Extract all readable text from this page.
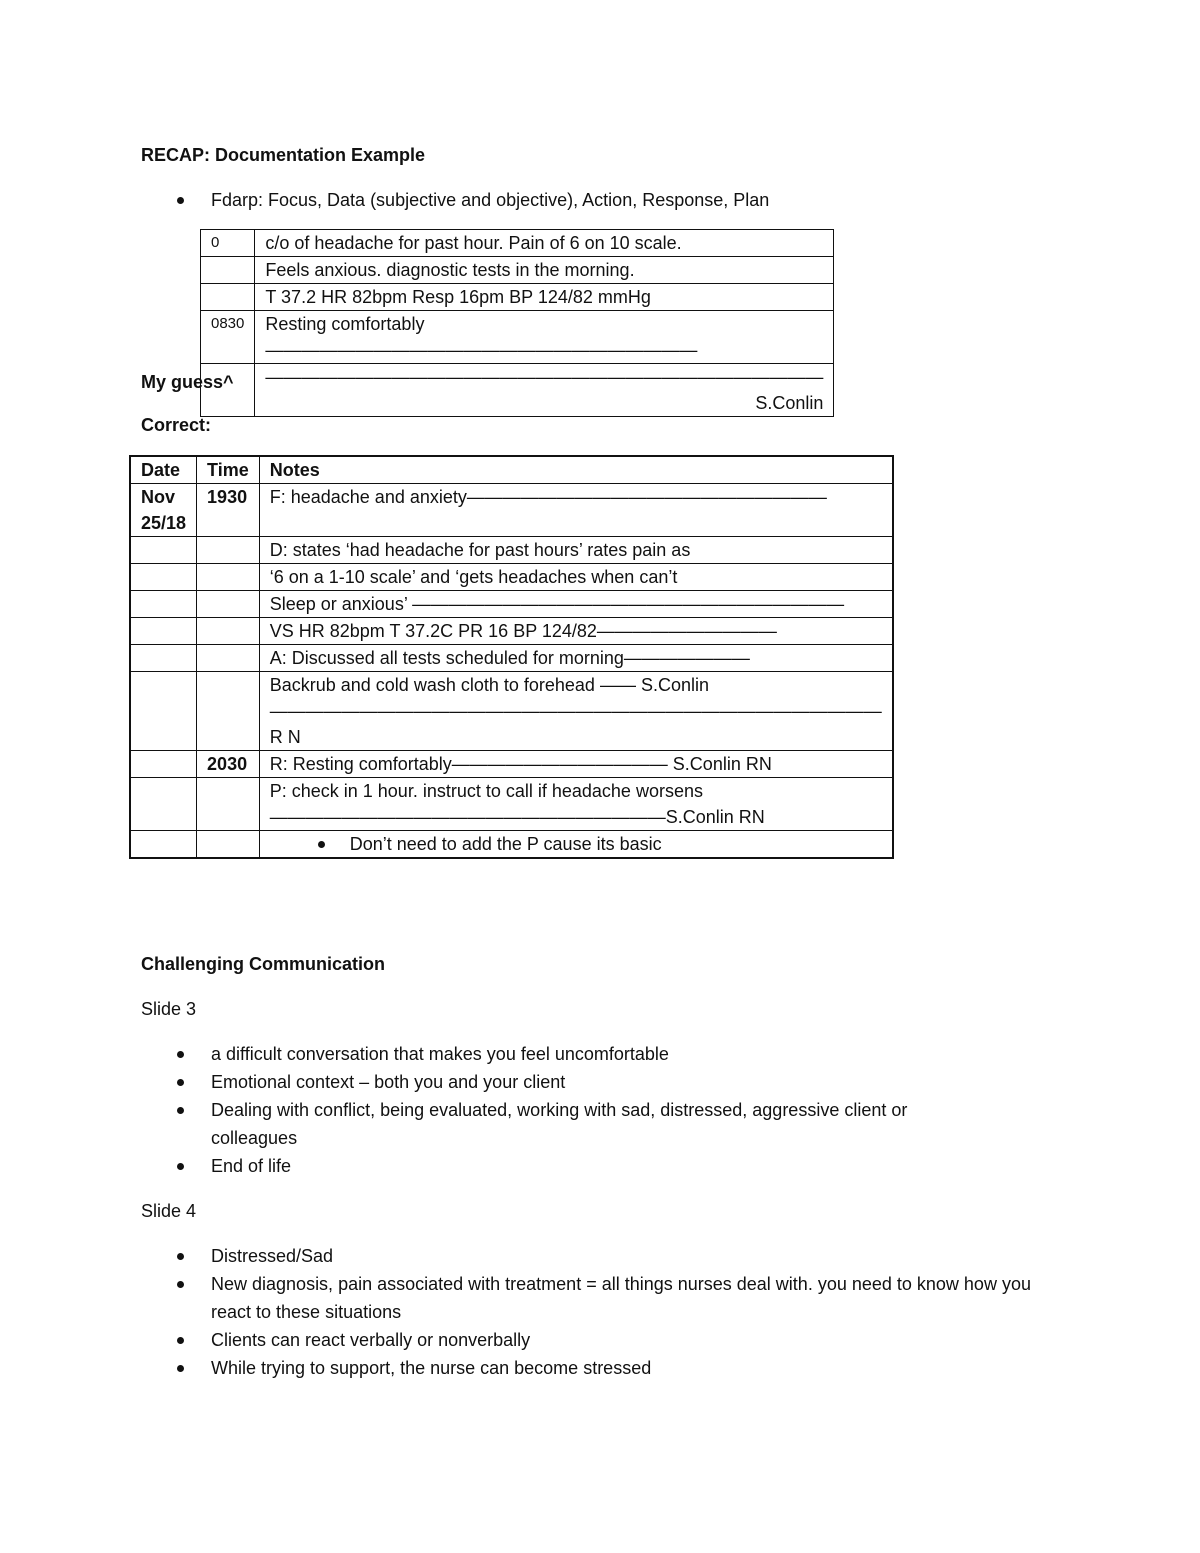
RECAP: Documentation Example
Fdarp: Focus, Data (subjective and objective), Action, Response, Plan
0	c/o of headache for past hour. Pain of 6 on 10 scale.
	Feels anxious. diagnostic tests in the morning.
	T 37.2 HR 82bpm Resp 16pm BP 124/82 mmHg
0830	Resting comfortably ————————————————————————
	——————————————————————————————— S.Conlin
My guess^
Correct:
Date	Time	Notes
Nov 25/18	1930	F: headache and anxiety————————————————————
		D: states ‘had headache for past hours’ rates pain as
		‘6 on a 1-10 scale’ and ‘gets headaches when can’t
		Sleep or anxious’ ————————————————————————
		VS HR 82bpm T 37.2C PR 16 BP 124/82——————————
		A: Discussed all tests scheduled for morning———————
		Backrub and cold wash cloth to forehead —— S.Conlin ——————————————————————————————————R N
	2030	R: Resting comfortably———————————— S.Conlin RN
		P: check in 1 hour. instruct to call if headache worsens——————————————————————S.Conlin RN

		Don’t need to add the P cause its basic
Challenging Communication
Slide 3
a difficult conversation that makes you feel uncomfortable
Emotional context – both you and your client
Dealing with conflict, being evaluated, working with sad, distressed, aggressive client or colleagues
End of life
Slide 4
Distressed/Sad
New diagnosis, pain associated with treatment = all things nurses deal with. you need to know how you react to these situations
Clients can react verbally or nonverbally
While trying to support, the nurse can become stressed
